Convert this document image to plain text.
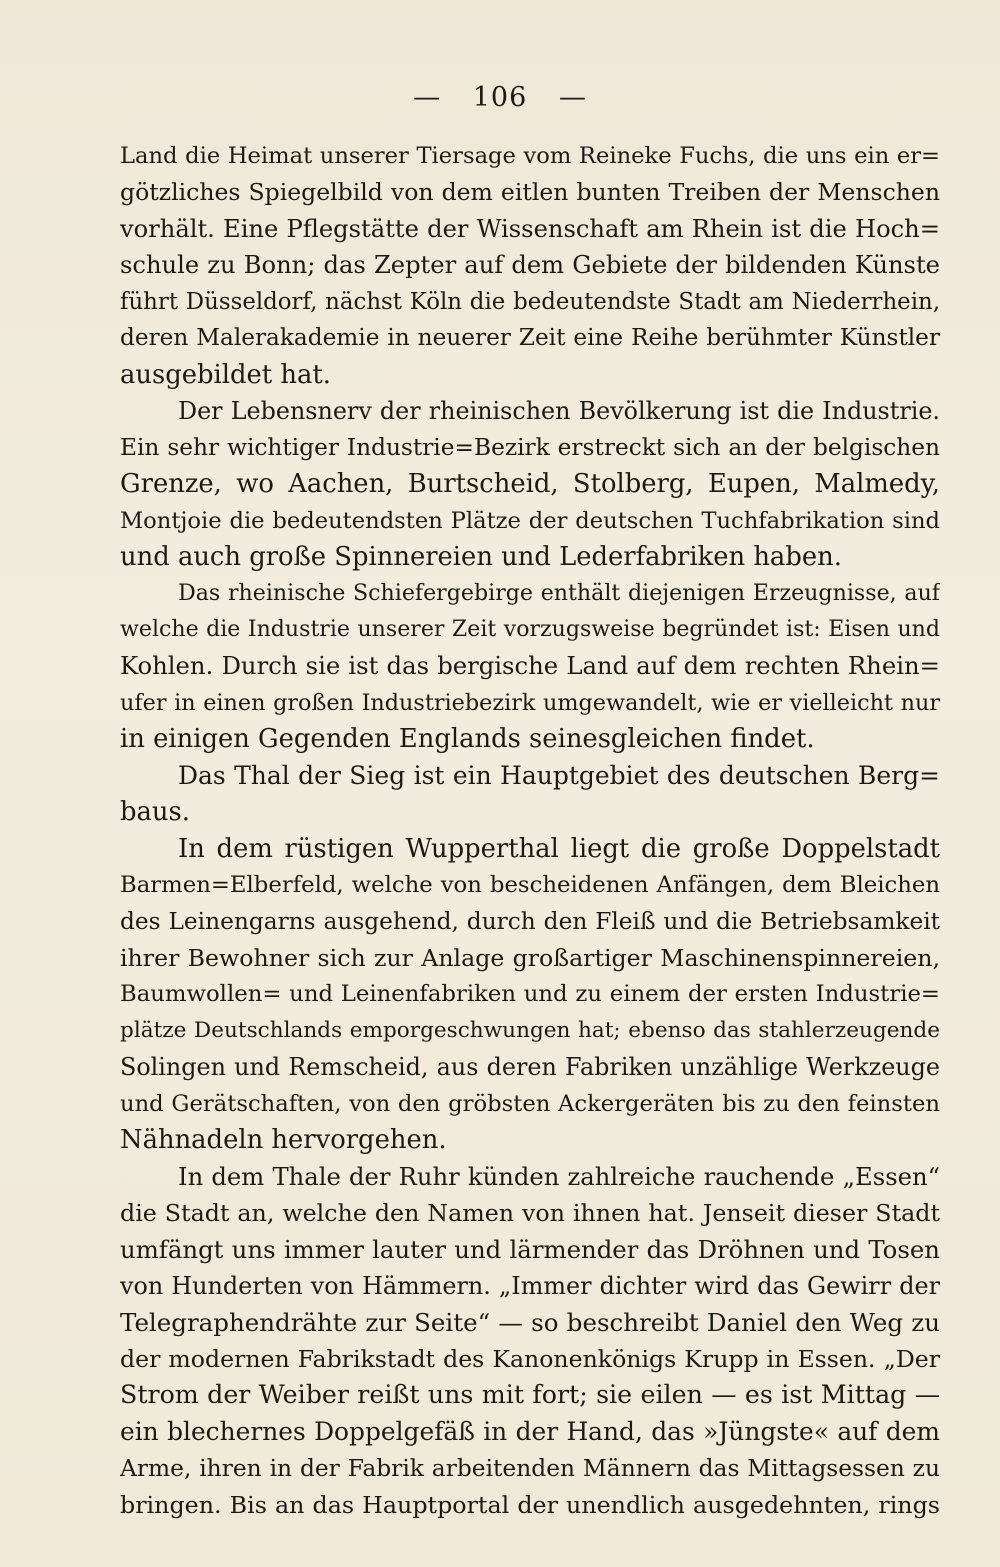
— 106 —
Land die Heimat unserer Tiersage vom Reineke Fuchs, die uns ein er=
götzliches Spiegelbild von dem eitlen bunten Treiben der Menschen
vorhält. Eine Pflegstätte der Wissenschaft am Rhein ist die Hoch=
schule zu Bonn; das Zepter auf dem Gebiete der bildenden Künste
führt Düsseldorf, nächst Köln die bedeutendste Stadt am Niederrhein,
deren Malerakademie in neuerer Zeit eine Reihe berühmter Künstler
ausgebildet hat.
Der Lebensnerv der rheinischen Bevölkerung ist die Industrie.
Ein sehr wichtiger Industrie=Bezirk erstreckt sich an der belgischen
Grenze, wo Aachen, Burtscheid, Stolberg, Eupen, Malmedy,
Montjoie die bedeutendsten Plätze der deutschen Tuchfabrikation sind
und auch große Spinnereien und Lederfabriken haben.
Das rheinische Schiefergebirge enthält diejenigen Erzeugnisse, auf
welche die Industrie unserer Zeit vorzugsweise begründet ist: Eisen und
Kohlen. Durch sie ist das bergische Land auf dem rechten Rhein=
ufer in einen großen Industriebezirk umgewandelt, wie er vielleicht nur
in einigen Gegenden Englands seinesgleichen findet.
Das Thal der Sieg ist ein Hauptgebiet des deutschen Berg=
baus.
In dem rüstigen Wupperthal liegt die große Doppelstadt
Barmen=Elberfeld, welche von bescheidenen Anfängen, dem Bleichen
des Leinengarns ausgehend, durch den Fleiß und die Betriebsamkeit
ihrer Bewohner sich zur Anlage großartiger Maschinenspinnereien,
Baumwollen= und Leinenfabriken und zu einem der ersten Industrie=
plätze Deutschlands emporgeschwungen hat; ebenso das stahlerzeugende
Solingen und Remscheid, aus deren Fabriken unzählige Werkzeuge
und Gerätschaften, von den gröbsten Ackergeräten bis zu den feinsten
Nähnadeln hervorgehen.
In dem Thale der Ruhr künden zahlreiche rauchende „Essen“
die Stadt an, welche den Namen von ihnen hat. Jenseit dieser Stadt
umfängt uns immer lauter und lärmender das Dröhnen und Tosen
von Hunderten von Hämmern. „Immer dichter wird das Gewirr der
Telegraphendrähte zur Seite“ — so beschreibt Daniel den Weg zu
der modernen Fabrikstadt des Kanonenkönigs Krupp in Essen. „Der
Strom der Weiber reißt uns mit fort; sie eilen — es ist Mittag —
ein blechernes Doppelgefäß in der Hand, das »Jüngste« auf dem
Arme, ihren in der Fabrik arbeitenden Männern das Mittagsessen zu
bringen. Bis an das Hauptportal der unendlich ausgedehnten, rings
